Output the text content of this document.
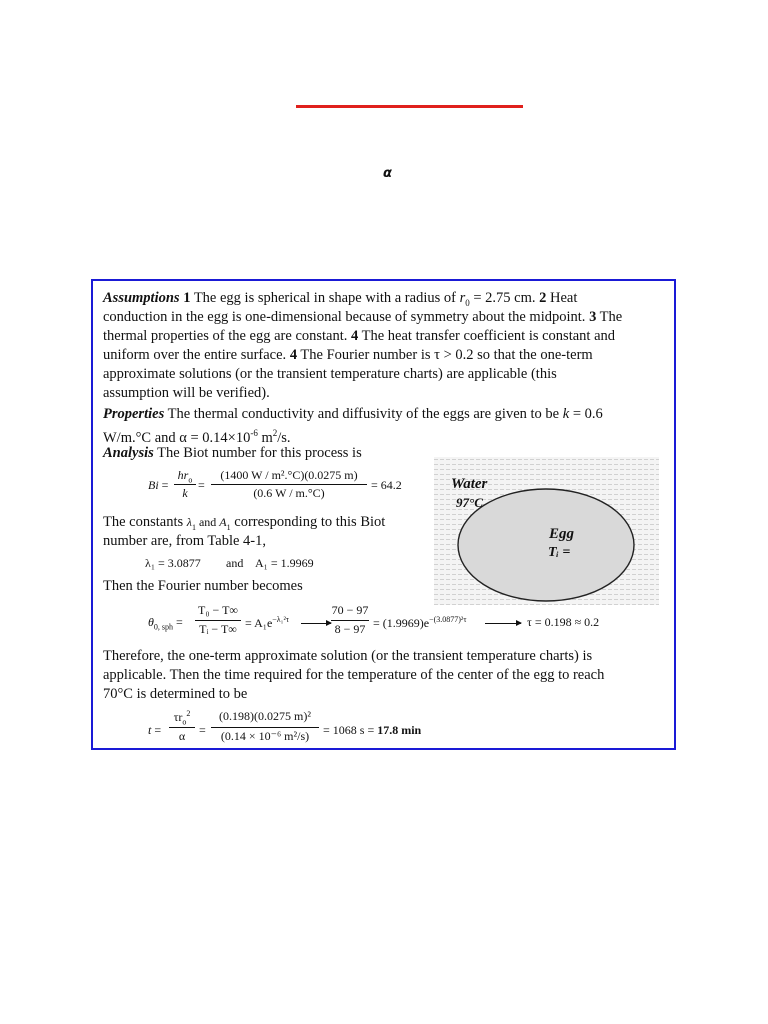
α
Assumptions 1 The egg is spherical in shape with a radius of $r_0 = 2.75$ cm. 2 Heat
conduction in the egg is one-dimensional because of symmetry about the midpoint. 3 The
thermal properties of the egg are constant. 4 The heat transfer coefficient is constant and
uniform over the entire surface. 4 The Fourier number is τ > 0.2 so that the one-term
approximate solutions (or the transient temperature charts) are applicable (this
assumption will be verified).
Properties The thermal conductivity and diffusivity of the eggs are given to be k = 0.6
W/m.°C and $\alpha = 0.14\times 10^{-6}$ $m^2/s$.
Analysis The Biot number for this process is
Bi =
$hr_o$
k
=
(1400 W / m².°C)(0.0275 m)
(0.6 W / m.°C)
= 64.2
The constants $\lambda_1$ and $A_1$ corresponding to this Biot
number are, from Table 4-1,
λ₁ = 3.0877 and A₁ = 1.9969
Then the Fourier number becomes
$\theta_{0, sph}$ =
T₀ − T∞
Tᵢ − $T\infty = A_1e^{-\lambda_1^2\tau}$
70 − 97
$8 - 97 = (1.9969)e^{-(3.0877)^2\tau}$	τ = 0.198 ≈ 0.2
Therefore, the one-term approximate solution (or the transient temperature charts) is
applicable. Then the time required for the temperature of the center of the egg to reach
70°C is determined to be
t =
$\tau r_o^2$
α	=
(0.198)(0.0275 m)²
(0.14 × 10⁻⁶ m²/s)	= 1068 s = 17.8 min
Water
97°C
Egg
Tᵢ =
